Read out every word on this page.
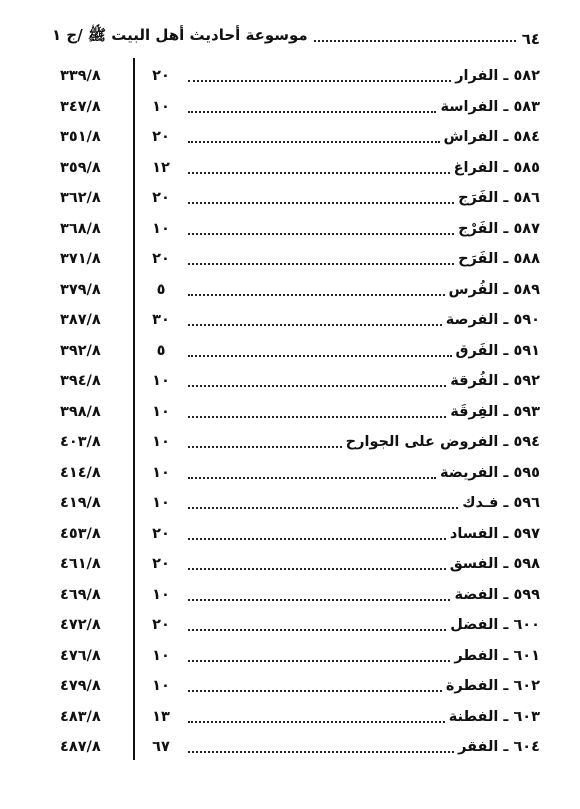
٦٤
موسوعة أحاديث أهل البيت ﷺ /ج ١
٣٣٩/٨	٢٠	٥٨٢ ـ الفرار
٣٤٧/٨	١٠	٥٨٣ ـ الفراسة
٣٥١/٨	٢٠	٥٨٤ ـ الفراش
٣٥٩/٨	١٢	٥٨٥ ـ الفراغ
٣٦٢/٨	٢٠	٥٨٦ ـ الفَرَج
٣٦٨/٨	١٠	٥٨٧ ـ الفَرْج
٣٧١/٨	٢٠	٥٨٨ ـ الفَرَح
٣٧٩/٨	٥	٥٨٩ ـ الفُرس
٣٨٧/٨	٣٠	٥٩٠ ـ الفرصة
٣٩٢/٨	٥	٥٩١ ـ الفَرق
٣٩٤/٨	١٠	٥٩٢ ـ الفُرقة
٣٩٨/٨	١٠	٥٩٣ ـ الفِرقَة
٤٠٣/٨	١٠	٥٩٤ ـ الفروض على الجوارح
٤١٤/٨	١٠	٥٩٥ ـ الفريضة
٤١٩/٨	١٠	٥٩٦ ـ فـدك
٤٥٣/٨	٢٠	٥٩٧ ـ الفساد
٤٦١/٨	٢٠	٥٩٨ ـ الفسق
٤٦٩/٨	١٠	٥٩٩ ـ الفضة
٤٧٢/٨	٢٠	٦٠٠ ـ الفضل
٤٧٦/٨	١٠	٦٠١ ـ الفطر
٤٧٩/٨	١٠	٦٠٢ ـ الفطرة
٤٨٣/٨	١٣	٦٠٣ ـ الفطنة
٤٨٧/٨	٦٧	٦٠٤ ـ الفقر
